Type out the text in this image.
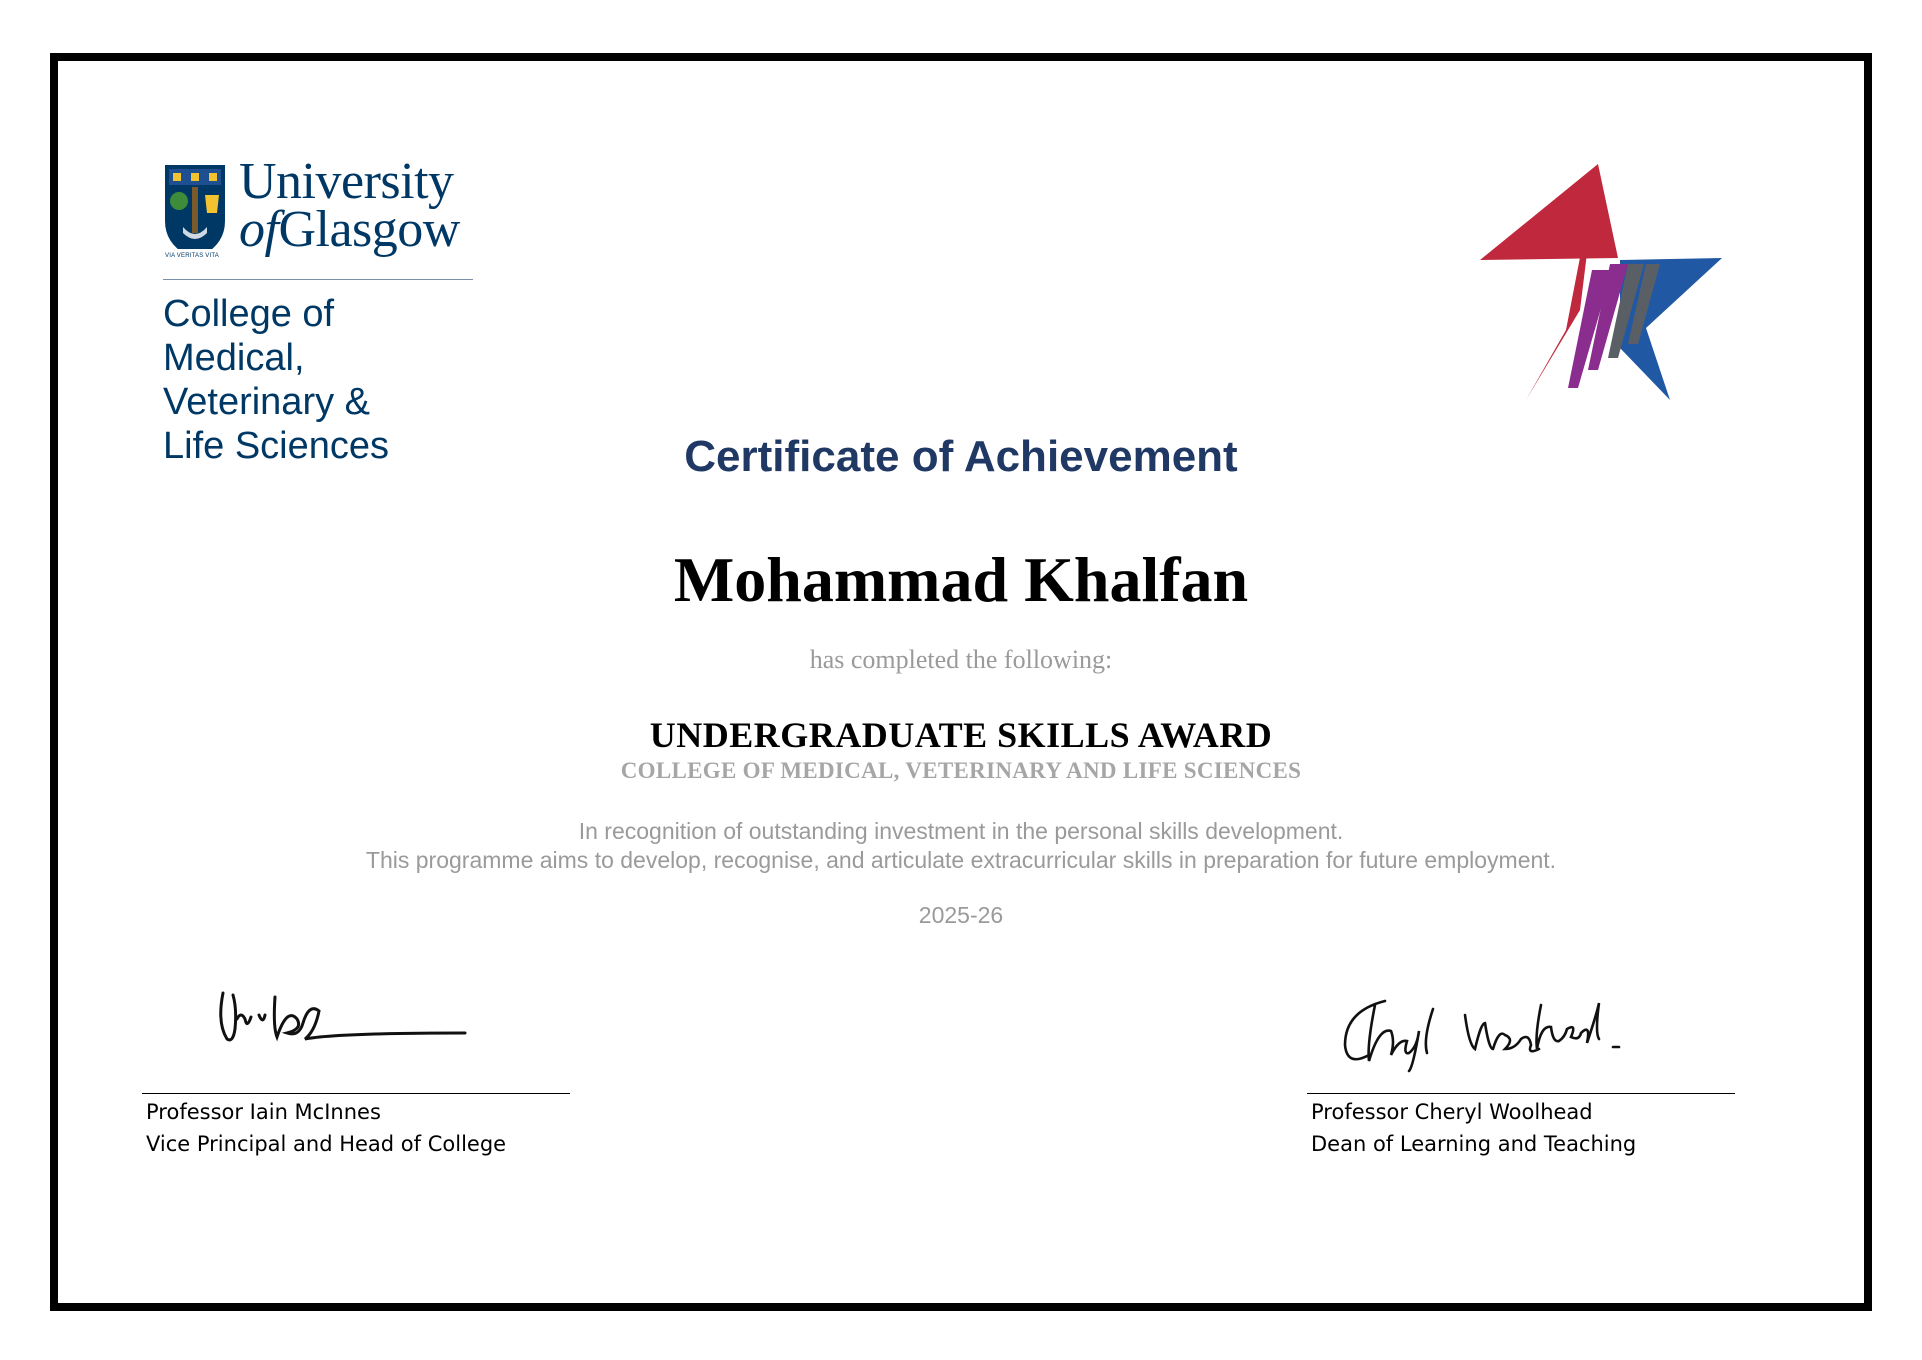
VIA VERITAS VITA
University
ofGlasgow
College of
Medical,
Veterinary &
Life Sciences	Certificate of Achievement
Mohammad Khalfan
has completed the following:
UNDERGRADUATE SKILLS AWARD
COLLEGE OF MEDICAL, VETERINARY AND LIFE SCIENCES
In recognition of outstanding investment in the personal skills development.
This programme aims to develop, recognise, and articulate extracurricular skills in preparation for future employment.
2025-26
Professor Iain McInnes
Vice Principal and Head of College
Professor Cheryl Woolhead
Dean of Learning and Teaching
